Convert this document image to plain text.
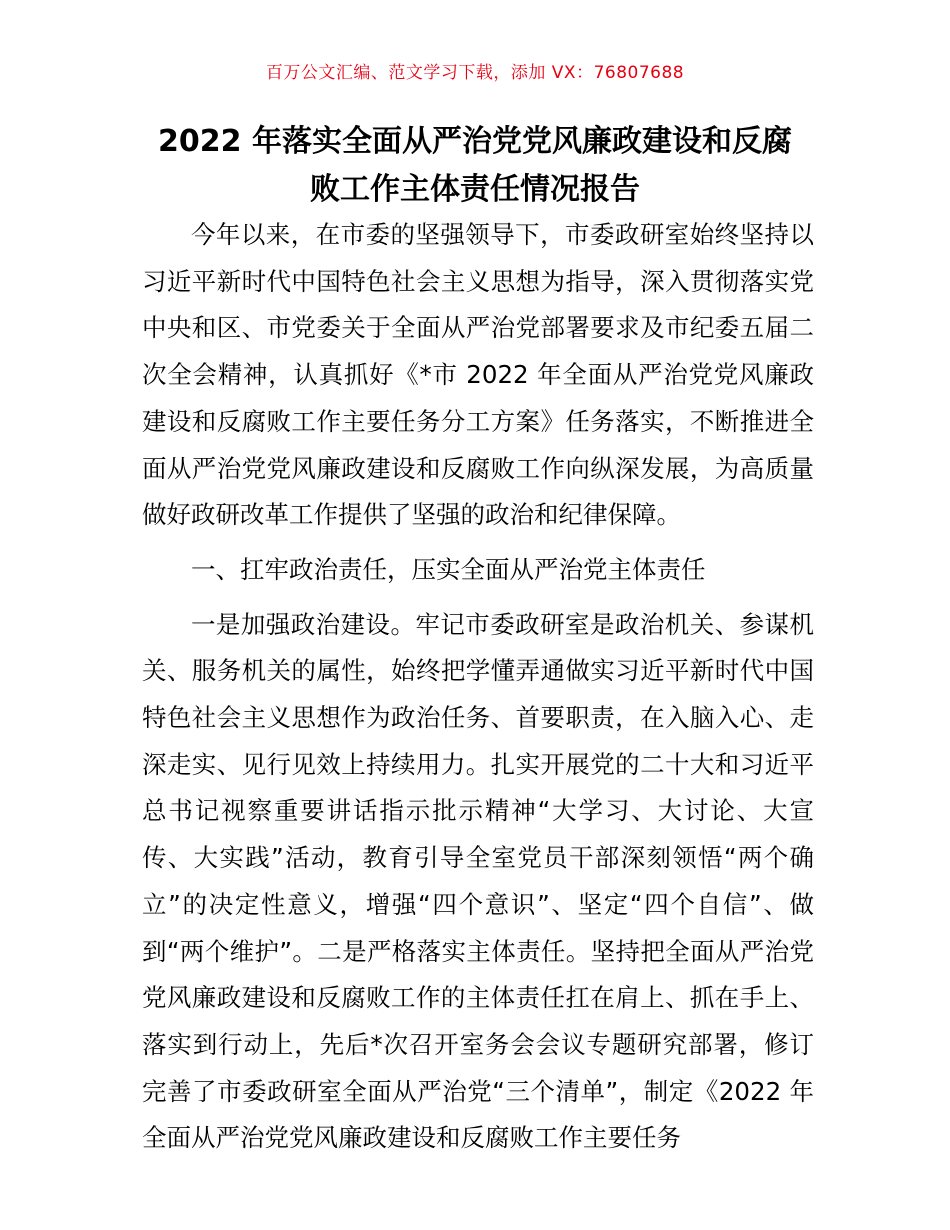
百万公文汇编、范文学习下载，添加 VX：76807688
2022 年落实全面从严治党党风廉政建设和反腐
败工作主体责任情况报告

今年以来，在市委的坚强领导下，市委政研室始终坚持以习近平新时代中国特色社会主义思想为指导，深入贯彻落实党中央和区、市党委关于全面从严治党部署要求及市纪委五届二次全会精神，认真抓好《*市 2022 年全面从严治党党风廉政建设和反腐败工作主要任务分工方案》任务落实，不断推进全面从严治党党风廉政建设和反腐败工作向纵深发展，为高质量做好政研改革工作提供了坚强的政治和纪律保障。

一、扛牢政治责任，压实全面从严治党主体责任

一是加强政治建设。牢记市委政研室是政治机关、参谋机关、服务机关的属性，始终把学懂弄通做实习近平新时代中国特色社会主义思想作为政治任务、首要职责，在入脑入心、走深走实、见行见效上持续用力。扎实开展党的二十大和习近平总书记视察重要讲话指示批示精神“大学习、大讨论、大宣传、大实践”活动，教育引导全室党员干部深刻领悟“两个确立”的决定性意义，增强“四个意识”、坚定“四个自信”、做到“两个维护”。二是严格落实主体责任。坚持把全面从严治党党风廉政建设和反腐败工作的主体责任扛在肩上、抓在手上、落实到行动上，先后*次召开室务会会议专题研究部署，修订完善了市委政研室全面从严治党“三个清单”，制定《2022 年全面从严治党党风廉政建设和反腐败工作主要任务
